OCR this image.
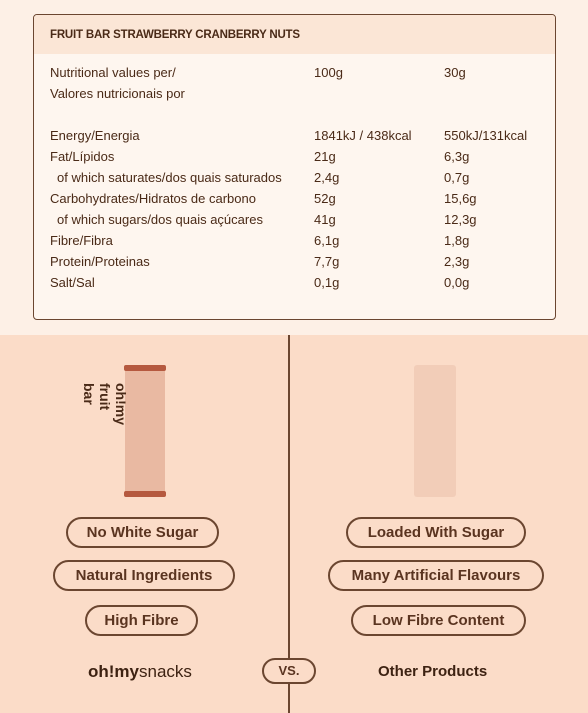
FRUIT BAR STRAWBERRY CRANBERRY NUTS
Nutritional values per/
Valores nutricionais por
100g	30g
Energy/Energia	1841kJ / 438kcal 550kJ/131kcal
Fat/Lípidos	21g	6,3g
of which saturates/dos quais saturados 2,4g	0,7g
Carbohydrates/Hidratos de carbono	52g	15,6g
of which sugars/dos quais açúcares	41g	12,3g
Fibre/Fibra	6,1g	1,8g
Protein/Proteinas	7,7g	2,3g
Salt/Sal	0,1g	0,0g
oh!my fruit bar
No White Sugar
Natural Ingredients
High Fibre
Loaded With Sugar
Many Artificial Flavours
Low Fibre Content
oh!mysnacks	VS.	Other Products
